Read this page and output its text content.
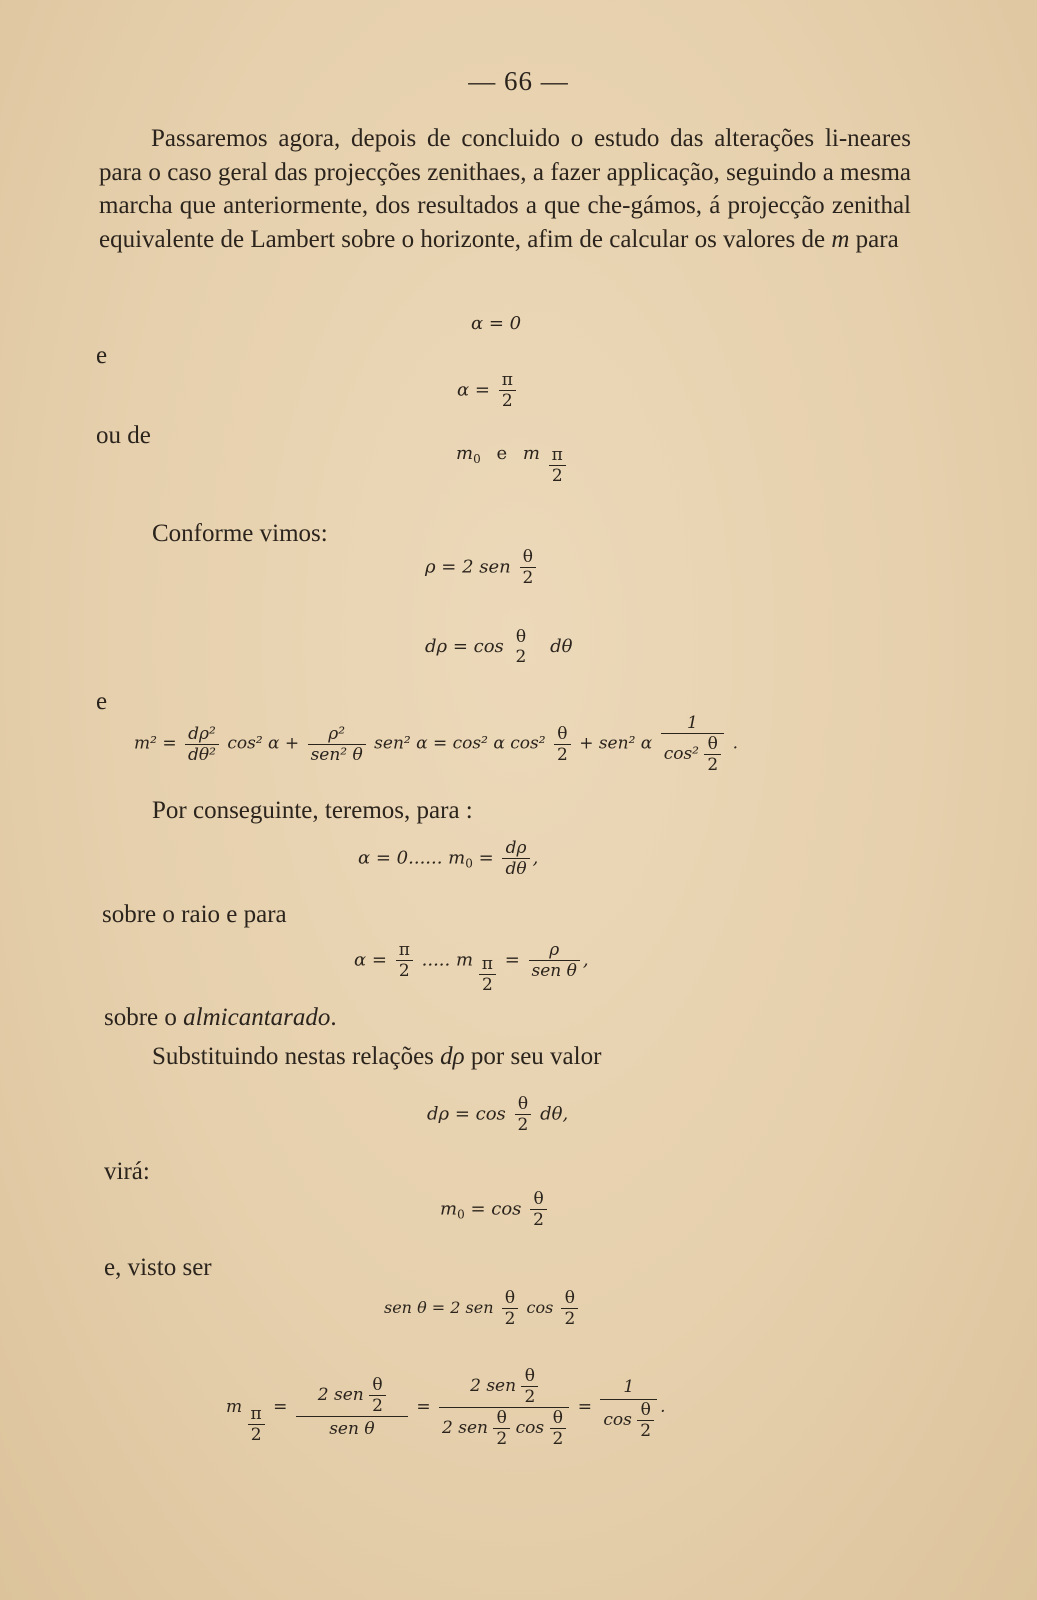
— 66 —
Passaremos agora, depois de concluido o estudo das alterações li-neares para o caso geral das projecções zenithaes, a fazer applicação, seguindo a mesma marcha que anteriormente, dos resultados a que che-gámos, á projecção zenithal equivalente de Lambert sobre o horizonte, afim de calcular os valores de m para
α = 0
e
$\alpha = \frac{\pi}{2}$
ou de
$m_0$ e m $\frac{\pi}{2}$
Conforme vimos:
ρ = 2 sen $\frac{\theta}{2}$
dρ = cos θ
2 dθ
e
$m^2 = \frac{\text{dρ²}}{\text{dθ²}} \cos^2$ $\alpha + \frac{\text{ρ²}}{\text{sen² θ}} sen^2$ α = cos² α $\cos^2 \frac{\theta}{2} + sen^2$ α $\frac{1}{\cos^2 \frac{\theta}{2}}$ .
Por conseguinte, teremos, para :
α = 0...... $m_0 = \frac{d\rho}{d\theta}$ ,
sobre o raio e para
$\alpha = \frac{\pi}{2}$ ..... m $\frac{\pi}{2} = \frac{\rho}{\text{sen θ}}$ ,
sobre o almicantarado.
Substituindo nestas relações dρ por seu valor
$d\rho = \cos \frac{\theta}{2} d\theta$,
virá:
$m_0 = \cos \frac{\theta}{2}$
e, visto ser
sen θ = 2 sen $\frac{\theta}{2}$ $\cos \frac{\theta}{2}$
m $\frac{\pi}{2} = \frac{2 sen \frac{\theta}{2}}{\text{sen θ}} = \frac{2 sen \frac{\theta}{2}}{2 sen \frac{\theta}{2} \cos \frac{\theta}{2}} = \frac{1}{\cos \frac{\theta}{2}}$ .
